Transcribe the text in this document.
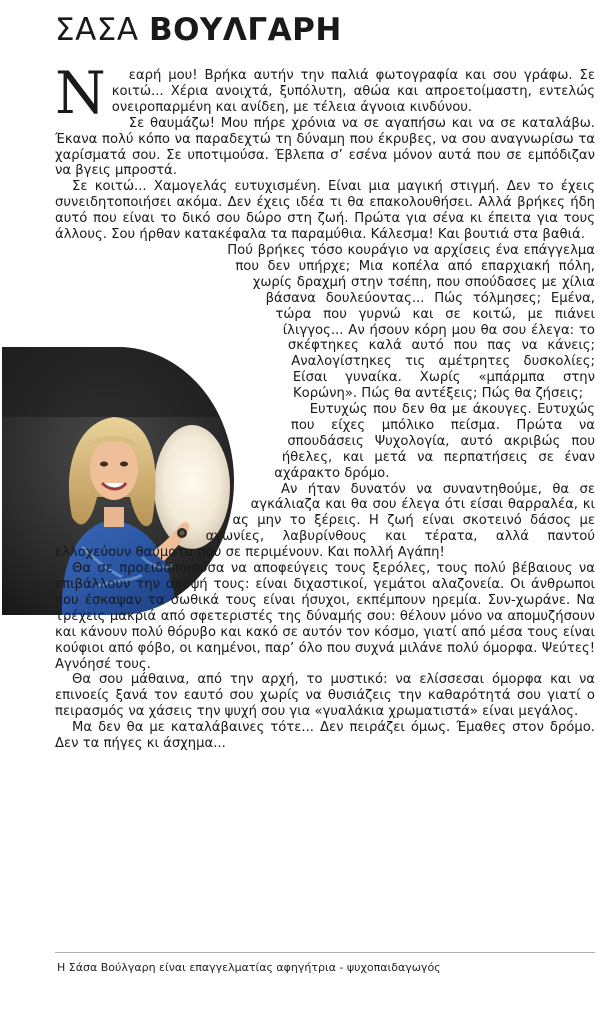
ΣΑΣΑ ΒΟΥΛΓΑΡΗ

Ν εαρή μου! Βρήκα αυτήν την παλιά φωτογραφία και σου γράφω. Σε κοιτώ... Χέρια ανοιχτά, ξυπόλυτη, αθώα και απροετοίμαστη, εντελώς ονειροπαρμένη και ανίδεη, με τέλεια άγνοια κινδύνου.

Σε θαυμάζω! Μου πήρε χρόνια να σε αγαπήσω και να σε καταλάβω. Έκανα πολύ κόπο να παραδεχτώ τη δύναμη που έκρυβες, να σου αναγνωρίσω τα χαρίσματά σου. Σε υποτιμούσα. Έβλεπα σ’ εσένα μόνον αυτά που σε εμπόδιζαν να βγεις μπροστά.

Σε κοιτώ... Χαμογελάς ευτυχισμένη. Είναι μια μαγική στιγμή. Δεν το έχεις συνειδητοποιήσει ακόμα. Δεν έχεις ιδέα τι θα επακολουθήσει. Αλλά βρήκες ήδη αυτό που είναι το δικό σου δώρο στη ζωή. Πρώτα για σένα κι έπειτα για τους άλλους. Σου ήρθαν κατακέφαλα τα παραμύθια. Κάλεσμα! Και βουτιά στα βαθιά.

Πού βρήκες τόσο κουράγιο να αρχίσεις ένα επάγγελμα που δεν υπήρχε; Μια κοπέλα από επαρχιακή πόλη, χωρίς δραχμή στην τσέπη, που σπούδασες με χίλια βάσανα δουλεύοντας... Πώς τόλμησες; Εμένα, τώρα που γυρνώ και σε κοιτώ, με πιάνει ίλιγγος... Αν ήσουν κόρη μου θα σου έλεγα: το σκέφτηκες καλά αυτό που πας να κάνεις; Αναλογίστηκες τις αμέτρητες δυσκολίες; Είσαι γυναίκα. Χωρίς «μπάρμπα στην Κορώνη». Πώς θα αντέξεις; Πώς θα ζήσεις;

Ευτυχώς που δεν θα με άκουγες. Ευτυχώς που είχες μπόλικο πείσμα. Πρώτα να σπουδάσεις Ψυχολογία, αυτό ακριβώς που ήθελες, και μετά να περπατήσεις σε έναν αχάρακτο δρόμο.

Αν ήταν δυνατόν να συναντηθούμε, θα σε αγκάλιαζα και θα σου έλεγα ότι είσαι θαρραλέα, κι ας μην το ξέρεις. Η ζωή είναι σκοτεινό δάσος με αγωνίες, λαβυρίνθους και τέρατα, αλλά παντού ελλοχεύουν θαύματα που σε περιμένουν. Και πολλή Αγάπη!

Θα σε προειδοποιούσα να αποφεύγεις τους ξερόλες, τους πολύ βέβαιους να επιβάλλουν την άποψή τους: είναι διχαστικοί, γεμάτοι αλαζονεία. Οι άνθρωποι που έσκαψαν τα σωθικά τους είναι ήσυχοι, εκπέμπουν ηρεμία. Συν-χωράνε. Να τρέχεις μακριά από σφετεριστές της δύναμής σου: θέλουν μόνο να απομυζήσουν και κάνουν πολύ θόρυβο και κακό σε αυτόν τον κόσμο, γιατί από μέσα τους είναι κούφιοι από φόβο, οι καημένοι, παρ’ όλο που συχνά μιλάνε πολύ όμορφα. Ψεύτες! Αγνόησέ τους.

Θα σου μάθαινα, από την αρχή, το μυστικό: να ελίσσεσαι όμορφα και να επινοείς ξανά τον εαυτό σου χωρίς να θυσιάζεις την καθαρότητά σου γιατί ο πειρασμός να χάσεις την ψυχή σου για «γυαλάκια χρωματιστά» είναι μεγάλος.

Μα δεν θα με καταλάβαινες τότε... Δεν πειράζει όμως. Έμαθες στον δρόμο. Δεν τα πήγες κι άσχημα...

Η Σάσα Βούλγαρη είναι επαγγελματίας αφηγήτρια - ψυχοπαιδαγωγός
